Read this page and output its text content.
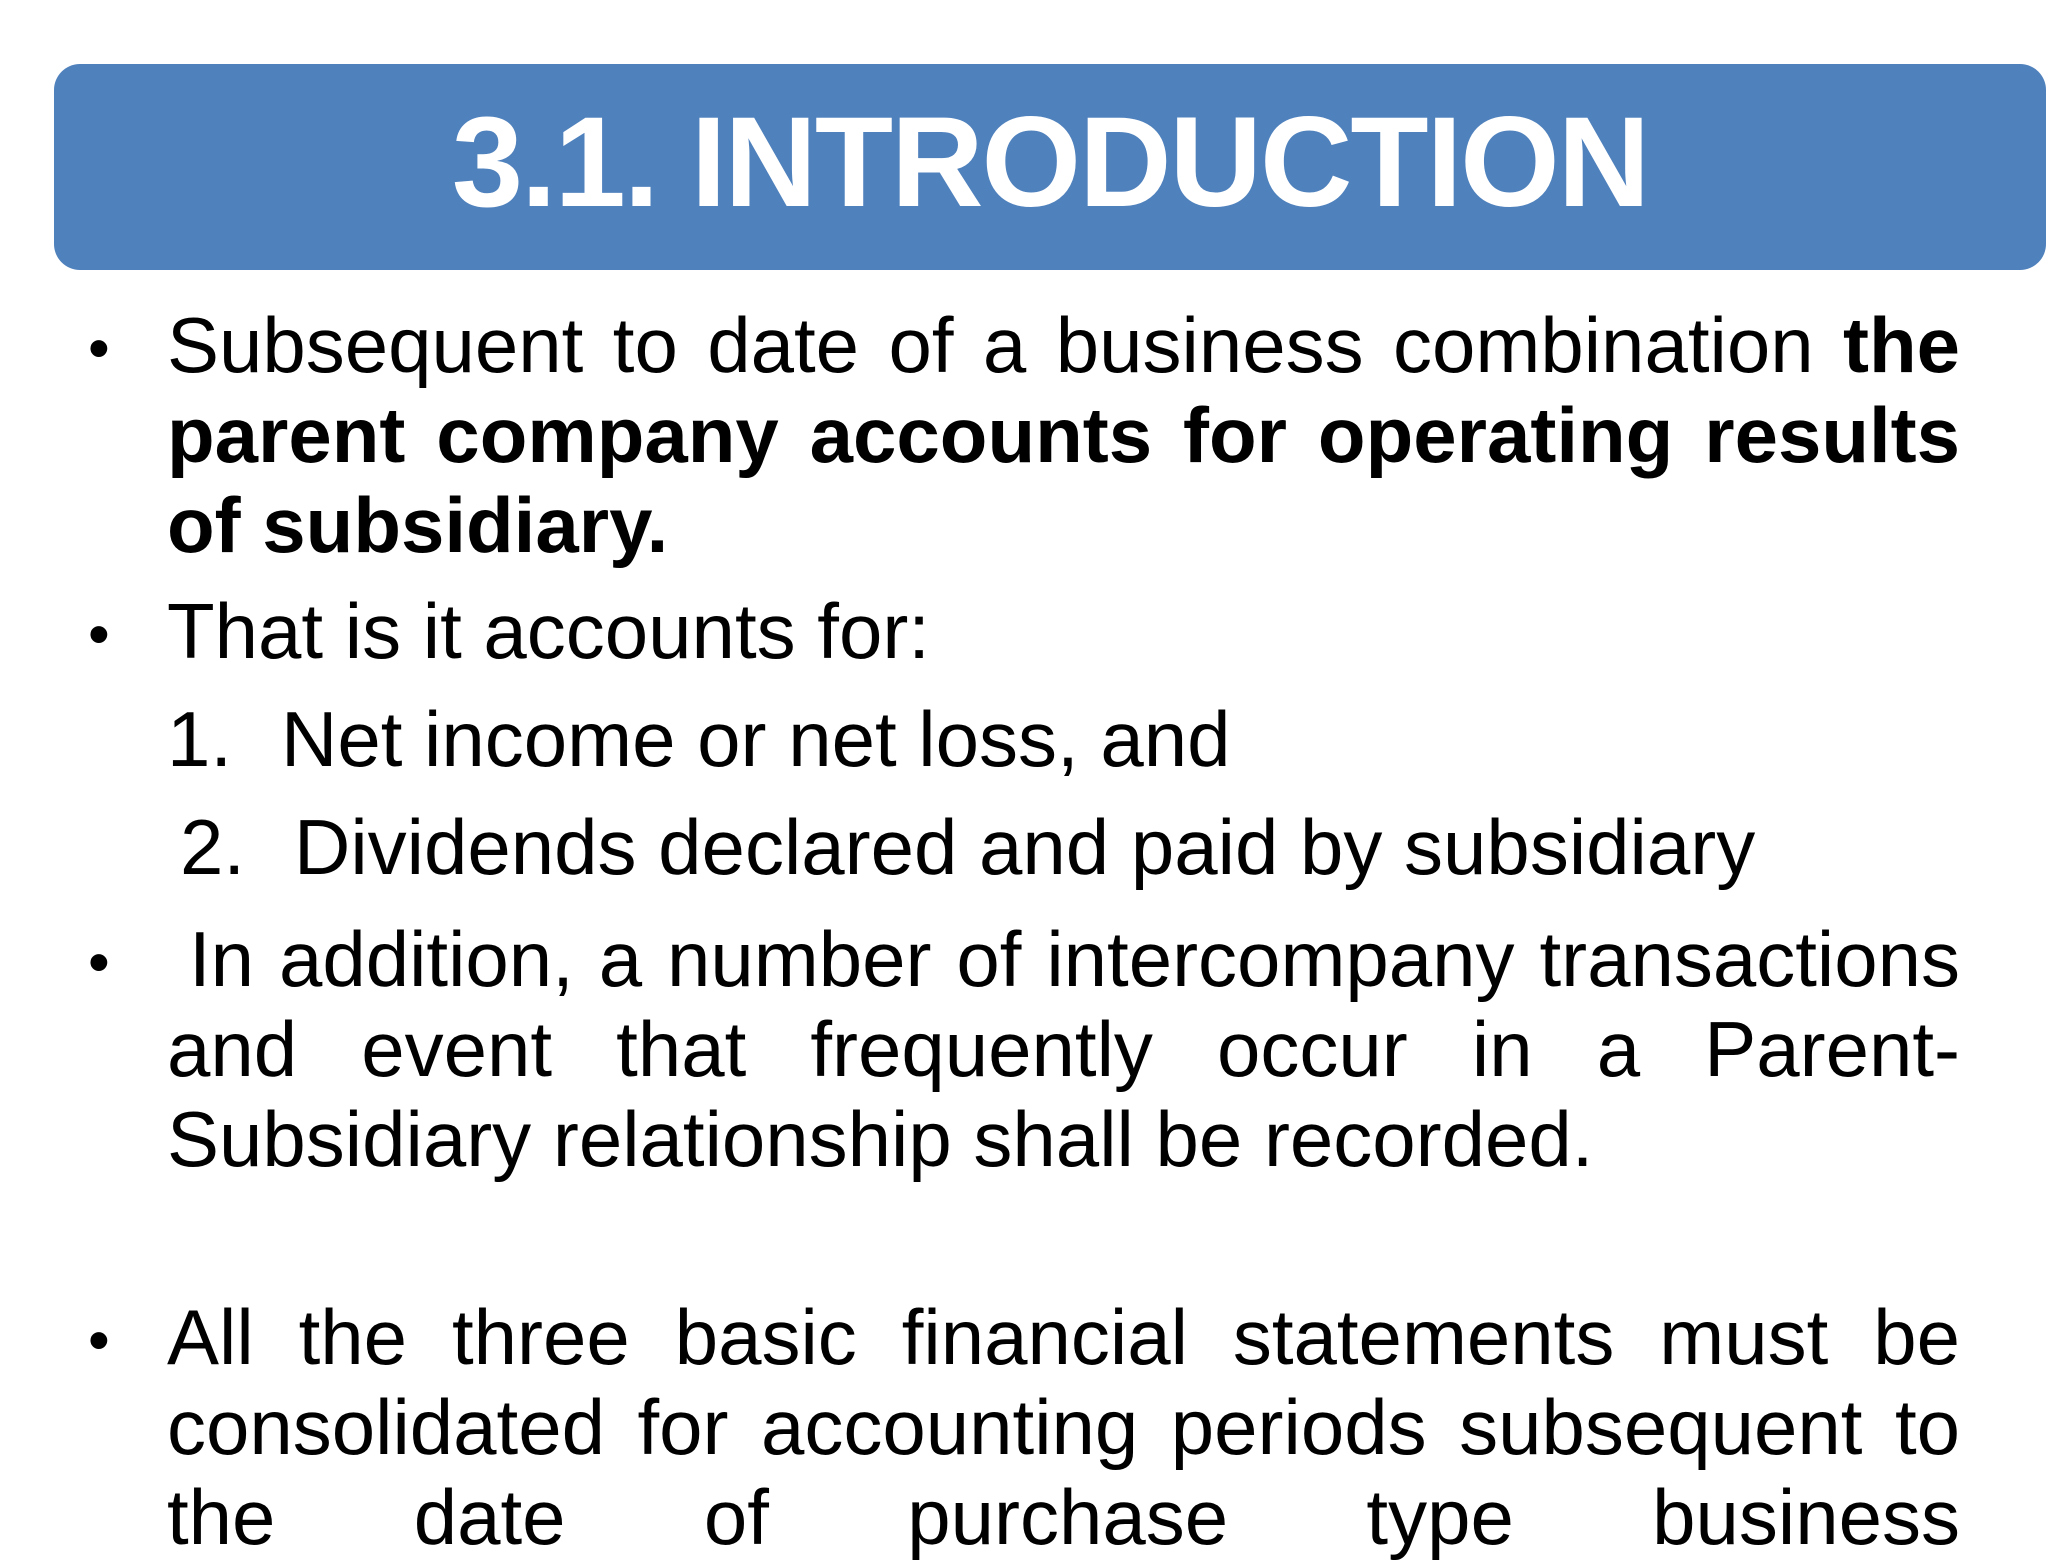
3.1. INTRODUCTION
• Subsequent to date of a business combination the parent company accounts for operating results of subsidiary.

• That is it accounts for:

1. Net income or net loss, and

2. Dividends declared and paid by subsidiary

• In addition, a number of intercompany transactions and event that frequently occur in a Parent- Subsidiary relationship shall be recorded.

• All the three basic financial statements must be consolidated for accounting periods subsequent to the date of purchase type business
